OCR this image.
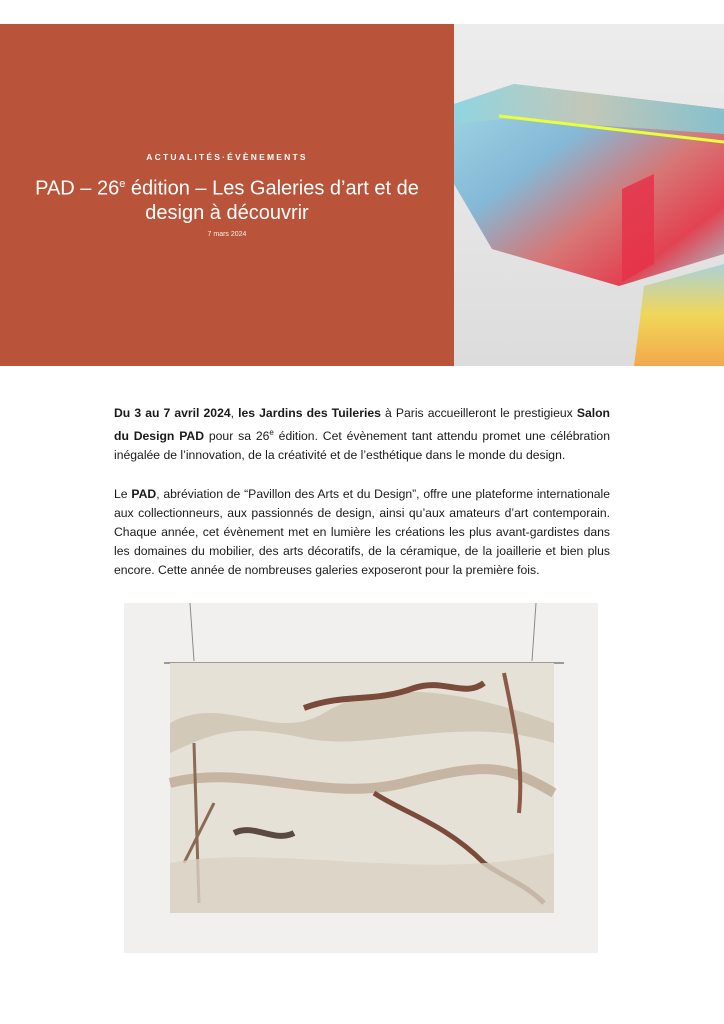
ACTUALITÉS·ÉVÈNEMENTS
PAD – 26e édition – Les Galeries d’art et de design à découvrir
7 mars 2024

Du 3 au 7 avril 2024, les Jardins des Tuileries à Paris accueilleront le prestigieux Salon du Design PAD pour sa 26e édition. Cet évènement tant attendu promet une célébration inégalée de l’innovation, de la créativité et de l’esthétique dans le monde du design.

Le PAD, abréviation de “Pavillon des Arts et du Design”, offre une plateforme internationale aux collectionneurs, aux passionnés de design, ainsi qu’aux amateurs d’art contemporain. Chaque année, cet évènement met en lumière les créations les plus avant-gardistes dans les domaines du mobilier, des arts décoratifs, de la céramique, de la joaillerie et bien plus encore. Cette année de nombreuses galeries exposeront pour la première fois.
